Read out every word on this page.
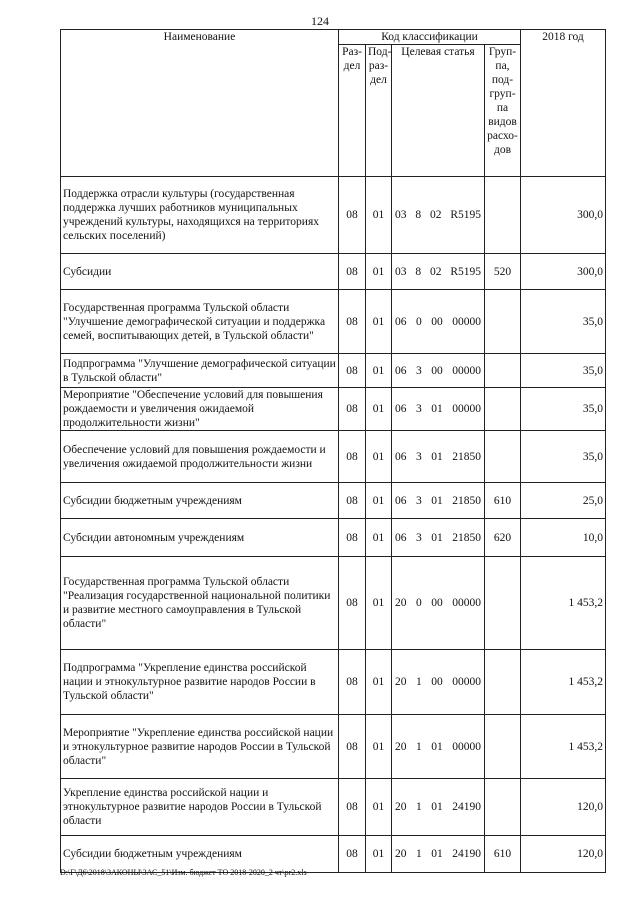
124
Наименование	Код классификации				2018 год
	Раз-дел	Под-раз-дел	Целевая статья	Груп-па, под-груп-па видов расхо-дов	
Поддержка отрасли культуры (государственная поддержка лучших работников муниципальных учреждений культуры, находящихся на территориях сельских поселений)	08	01	03 8 02 R5195		300,0
Субсидии	08	01	03 8 02 R5195	520	300,0
Государственная программа Тульской области "Улучшение демографической ситуации и поддержка семей, воспитывающих детей, в Тульской области"	08	01	06 0 00 00000		35,0
Подпрограмма "Улучшение демографической ситуации в Тульской области"	08	01	06 3 00 00000		35,0
Мероприятие "Обеспечение условий для повышения рождаемости и увеличения ожидаемой продолжительности жизни"	08	01	06 3 01 00000		35,0
Обеспечение условий для повышения рождаемости и увеличения ожидаемой продолжительности жизни	08	01	06 3 01 21850		35,0
Субсидии бюджетным учреждениям	08	01	06 3 01 21850	610	25,0
Субсидии автономным учреждениям	08	01	06 3 01 21850	620	10,0
Государственная программа Тульской области "Реализация государственной национальной политики и развитие местного самоуправления в Тульской области"	08	01	20 0 00 00000		1 453,2
Подпрограмма "Укрепление единства российской нации и этнокультурное развитие народов России в Тульской области"	08	01	20 1 00 00000		1 453,2
Мероприятие "Укрепление единства российской нации и этнокультурное развитие народов России в Тульской области"	08	01	20 1 01 00000		1 453,2
Укрепление единства российской нации и этнокультурное развитие народов России в Тульской области	08	01	20 1 01 24190		120,0
Субсидии бюджетным учреждениям	08	01	20 1 01 24190	610	120,0
D:\Г\Д6\2018\ЗАКОНЫ\ЗАС_51\Изм. бюджет ТО 2018-2020_2 чт\pr2.xls
